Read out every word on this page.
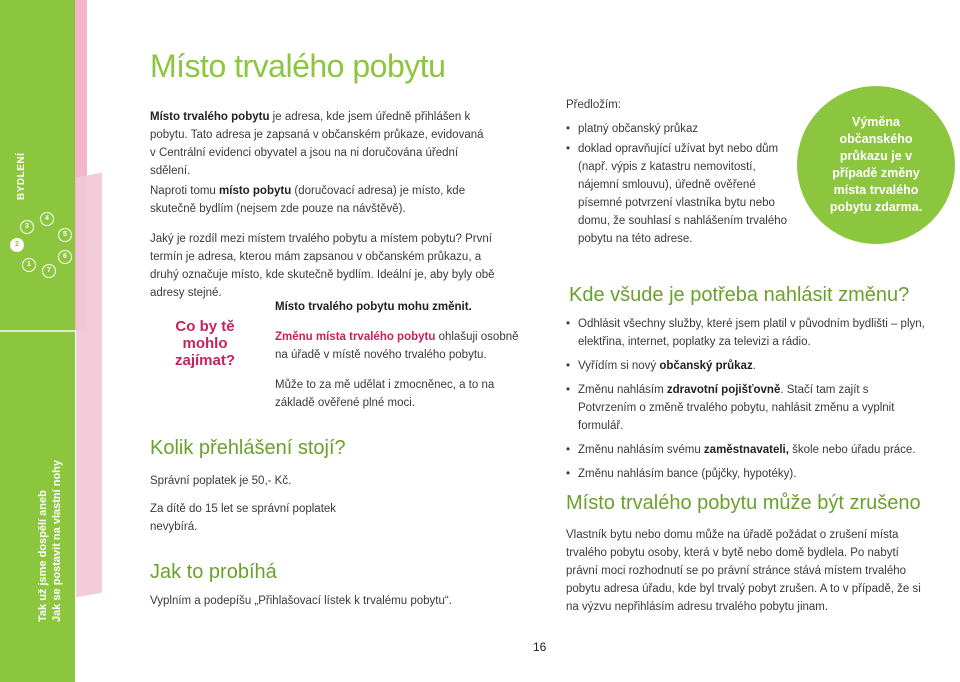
BYDLENÍ
1
2
3
4
5
6
7
Tak už jsme dospělí aneb Jak se postavit na vlastní nohy
Místo trvalého pobytu

Místo trvalého pobytu je adresa, kde jsem úředně přihlášen k pobytu. Tato adresa je zapsaná v občanském průkaze, evidovaná v Centrální evidenci obyvatel a jsou na ni doručována úřední sdělení.

Naproti tomu místo pobytu (doručovací adresa) je místo, kde skutečně bydlím (nejsem zde pouze na návštěvě).

Jaký je rozdíl mezi místem trvalého pobytu a místem pobytu? První termín je adresa, kterou mám zapsanou v občanském průkazu, a druhý označuje místo, kde skutečně bydlím. Ideální je, aby byly obě adresy stejné.

Co by tě mohlo zajímat?

Místo trvalého pobytu mohu změnit.

Změnu místa trvalého pobytu ohlašuji osobně na úřadě v místě nového trvalého pobytu.

Může to za mě udělat i zmocněnec, a to na základě ověřené plné moci.

Kolik přehlášení stojí?

Správní poplatek je 50,- Kč.

Za dítě do 15 let se správní poplatek nevybírá.

Jak to probíhá

Vyplním a podepíšu „Přihlašovací lístek k trvalému pobytu“.

Předložím:

• platný občanský průkaz
• doklad opravňující užívat byt nebo dům (např. výpis z katastru nemovitostí, nájemní smlouvu), úředně ověřené písemné potvrzení vlastníka bytu nebo domu, že souhlasí s nahlášením trvalého pobytu na této adrese.
Výměna občanského průkazu je v případě změny místa trvalého pobytu zdarma.
Kde všude je potřeba nahlásit změnu?
• Odhlásit všechny služby, které jsem platil v původním bydlišti – plyn, elektřina, internet, poplatky za televizi a rádio.
• Vyřídím si nový občanský průkaz.
• Změnu nahlásím zdravotní pojišťovně. Stačí tam zajít s Potvrzením o změně trvalého pobytu, nahlásit změnu a vyplnit formulář.
• Změnu nahlásím svému zaměstnavateli, škole nebo úřadu práce.
• Změnu nahlásím bance (půjčky, hypotéky).
Místo trvalého pobytu může být zrušeno

Vlastník bytu nebo domu může na úřadě požádat o zrušení místa trvalého pobytu osoby, která v bytě nebo domě bydlela. Po nabytí právní moci rozhodnutí se po právní stránce stává místem trvalého pobytu adresa úřadu, kde byl trvalý pobyt zrušen. A to v případě, že si na výzvu nepřihlásím adresu trvalého pobytu jinam.

16
